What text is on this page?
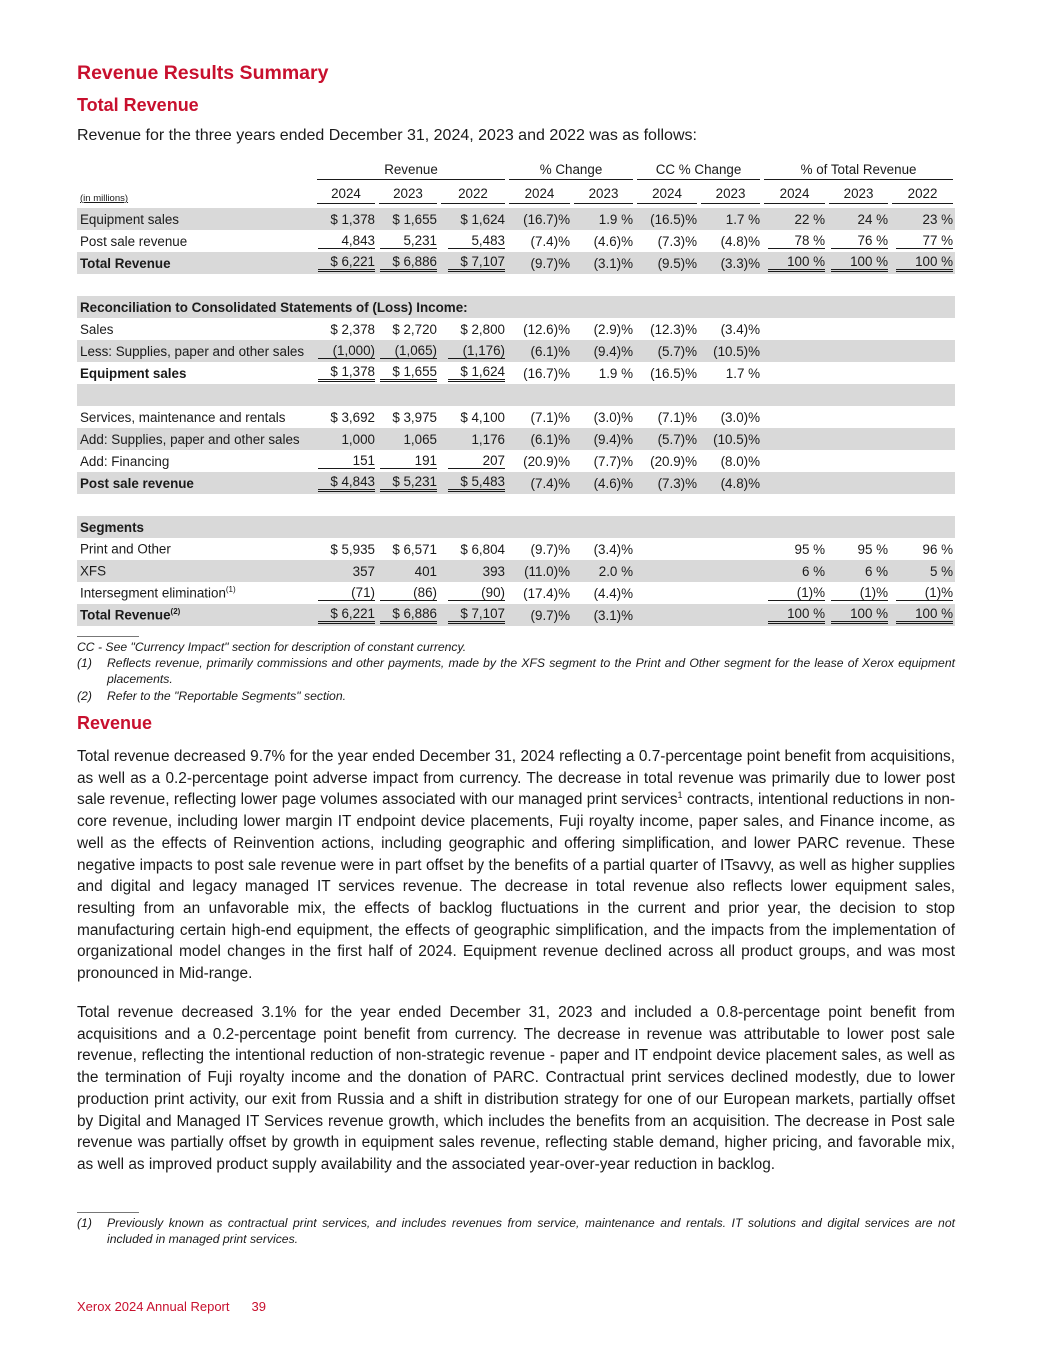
Revenue Results Summary
Total Revenue
Revenue for the three years ended December 31, 2024, 2023 and 2022 was as follows:

	Revenue			% Change		CC % Change		% of Total Revenue		

(in millions)	2024	2023	2022	2024	2023	2024	2023	2024	2023	2022

Equipment sales	$ 1,378	$ 1,655	$ 1,624	(16.7)%	1.9 %	(16.5)%	1.7 %	22 %	24 %	23 %
Post sale revenue	4,843	5,231	5,483	(7.4)%	(4.6)%	(7.3)%	(4.8)%	78 %	76 %	77 %
Total Revenue	$ 6,221	$ 6,886	$ 7,107	(9.7)%	(3.1)%	(9.5)%	(3.3)%	100 %	100 %	100 %

Reconciliation to Consolidated Statements of (Loss) Income:										
Sales	$ 2,378	$ 2,720	$ 2,800	(12.6)%	(2.9)%	(12.3)%	(3.4)%			
Less: Supplies, paper and other sales	(1,000)	(1,065)	(1,176)	(6.1)%	(9.4)%	(5.7)%	(10.5)%			
Equipment sales	$ 1,378	$ 1,655	$ 1,624	(16.7)%	1.9 %	(16.5)%	1.7 %			

Services, maintenance and rentals	$ 3,692	$ 3,975	$ 4,100	(7.1)%	(3.0)%	(7.1)%	(3.0)%			
Add: Supplies, paper and other sales	1,000	1,065	1,176	(6.1)%	(9.4)%	(5.7)%	(10.5)%			
Add: Financing	151	191	207	(20.9)%	(7.7)%	(20.9)%	(8.0)%			
Post sale revenue	$ 4,843	$ 5,231	$ 5,483	(7.4)%	(4.6)%	(7.3)%	(4.8)%			

Segments										
Print and Other	$ 5,935	$ 6,571	$ 6,804	(9.7)%	(3.4)%			95 %	95 %	96 %
XFS	357	401	393	(11.0)%	2.0 %			6 %	6 %	5 %
Intersegment elimination$^{(1)}$	(71)	(86)	(90)	(17.4)%	(4.4)%			(1)%	(1)%	(1)%
Total Revenue$^{(2)}$	$ 6,221	$ 6,886	$ 7,107	(9.7)%	(3.1)%			100 %	100 %	100 %
CC - See "Currency Impact" section for description of constant currency.
(1) Reflects revenue, primarily commissions and other payments, made by the XFS segment to the Print and Other segment for the lease of Xerox equipment placements.
(2) Refer to the "Reportable Segments" section.
Revenue
Total revenue decreased 9.7% for the year ended December 31, 2024 reflecting a 0.7-percentage point benefit from acquisitions, as well as a 0.2-percentage point adverse impact from currency. The decrease in total revenue was primarily due to lower post sale revenue, reflecting lower page volumes associated with our managed print services$^1$ contracts, intentional reductions in non-core revenue, including lower margin IT endpoint device placements, Fuji royalty income, paper sales, and Finance income, as well as the effects of Reinvention actions, including geographic and offering simplification, and lower PARC revenue. These negative impacts to post sale revenue were in part offset by the benefits of a partial quarter of ITsavvy, as well as higher supplies and digital and legacy managed IT services revenue. The decrease in total revenue also reflects lower equipment sales, resulting from an unfavorable mix, the effects of backlog fluctuations in the current and prior year, the decision to stop manufacturing certain high-end equipment, the effects of geographic simplification, and the impacts from the implementation of organizational model changes in the first half of 2024. Equipment revenue declined across all product groups, and was most pronounced in Mid-range.
Total revenue decreased 3.1% for the year ended December 31, 2023 and included a 0.8-percentage point benefit from acquisitions and a 0.2-percentage point benefit from currency. The decrease in revenue was attributable to lower post sale revenue, reflecting the intentional reduction of non-strategic revenue - paper and IT endpoint device placement sales, as well as the termination of Fuji royalty income and the donation of PARC. Contractual print services declined modestly, due to lower production print activity, our exit from Russia and a shift in distribution strategy for one of our European markets, partially offset by Digital and Managed IT Services revenue growth, which includes the benefits from an acquisition. The decrease in Post sale revenue was partially offset by growth in equipment sales revenue, reflecting stable demand, higher pricing, and favorable mix, as well as improved product supply availability and the associated year-over-year reduction in backlog.
(1) Previously known as contractual print services, and includes revenues from service, maintenance and rentals. IT solutions and digital services are not included in managed print services.
Xerox 2024 Annual Report 39
